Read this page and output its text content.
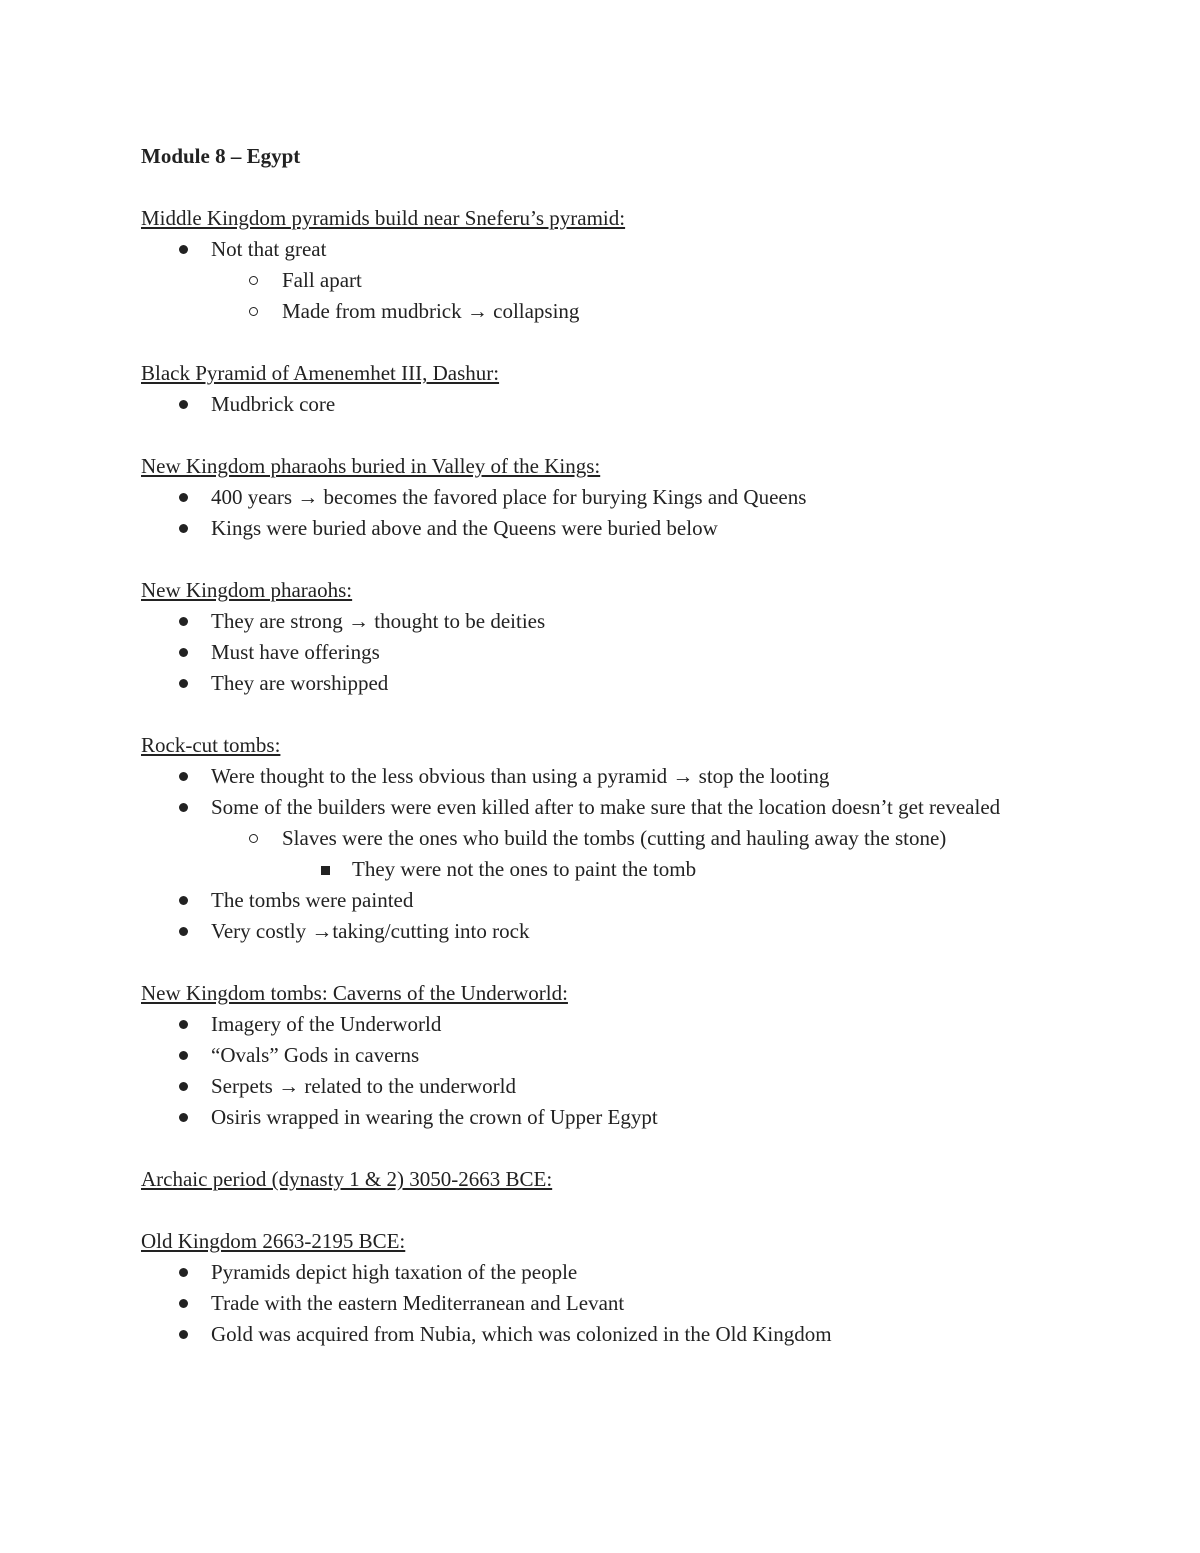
Module 8 – Egypt
Middle Kingdom pyramids build near Sneferu’s pyramid:
Not that great
Fall apart
Made from mudbrick → collapsing
Black Pyramid of Amenemhet III, Dashur:
Mudbrick core
New Kingdom pharaohs buried in Valley of the Kings:
400 years → becomes the favored place for burying Kings and Queens
Kings were buried above and the Queens were buried below
New Kingdom pharaohs:
They are strong → thought to be deities
Must have offerings
They are worshipped
Rock-cut tombs:
Were thought to the less obvious than using a pyramid → stop the looting
Some of the builders were even killed after to make sure that the location doesn’t get revealed
Slaves were the ones who build the tombs (cutting and hauling away the stone)
They were not the ones to paint the tomb
The tombs were painted
Very costly →taking/cutting into rock
New Kingdom tombs: Caverns of the Underworld:
Imagery of the Underworld
“Ovals” Gods in caverns
Serpets → related to the underworld
Osiris wrapped in wearing the crown of Upper Egypt
Archaic period (dynasty 1 & 2) 3050-2663 BCE:
Old Kingdom 2663-2195 BCE:
Pyramids depict high taxation of the people
Trade with the eastern Mediterranean and Levant
Gold was acquired from Nubia, which was colonized in the Old Kingdom
